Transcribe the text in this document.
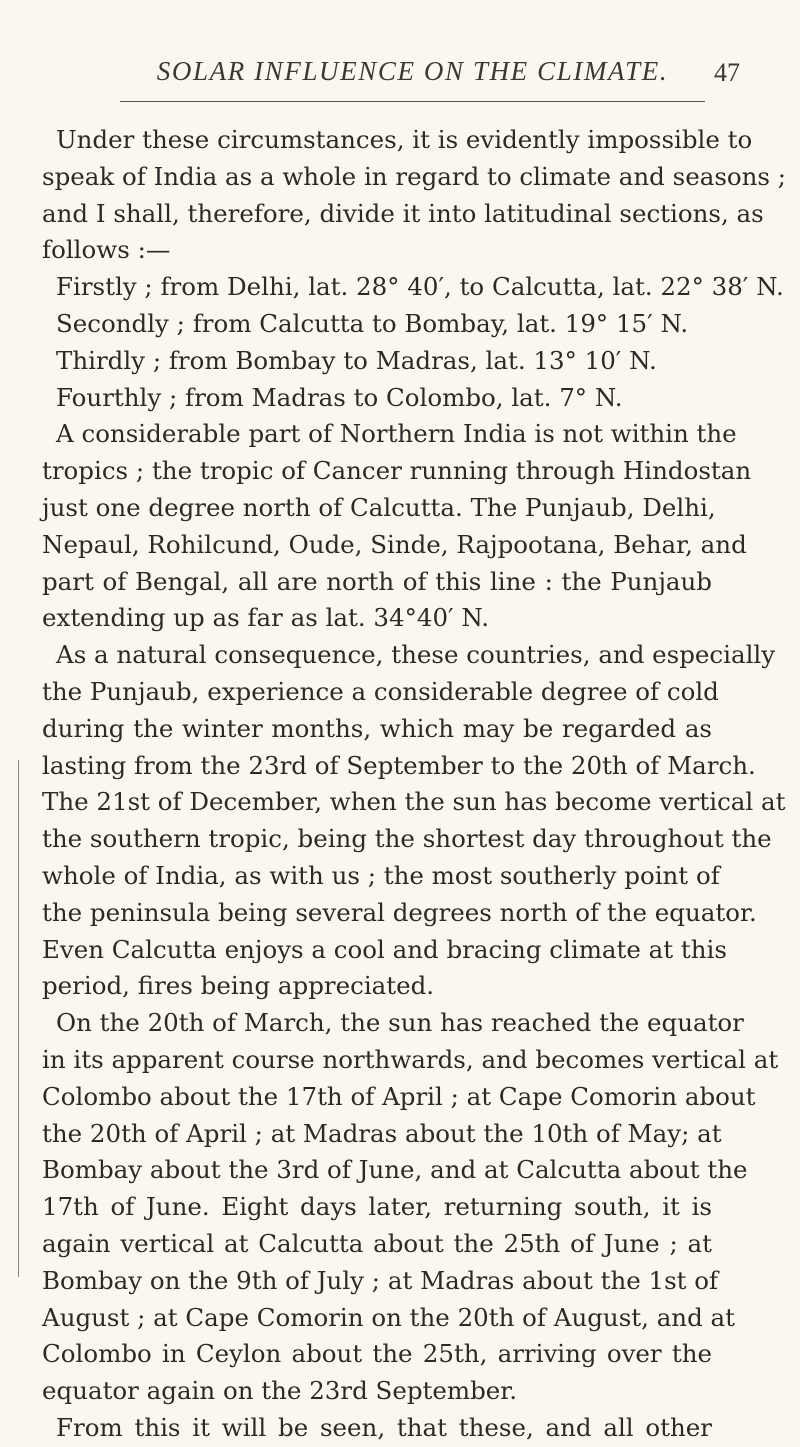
SOLAR INFLUENCE ON THE CLIMATE.	47
Under these circumstances, it is evidently impossible to
speak of India as a whole in regard to climate and seasons ;
and I shall, therefore, divide it into latitudinal sections, as
follows :—
Firstly ; from Delhi, lat. 28° 40′, to Calcutta, lat. 22° 38′ N.
Secondly ; from Calcutta to Bombay, lat. 19° 15′ N.
Thirdly ; from Bombay to Madras, lat. 13° 10′ N.
Fourthly ; from Madras to Colombo, lat. 7° N.
A considerable part of Northern India is not within the
tropics ; the tropic of Cancer running through Hindostan
just one degree north of Calcutta. The Punjaub, Delhi,
Nepaul, Rohilcund, Oude, Sinde, Rajpootana, Behar, and
part of Bengal, all are north of this line : the Punjaub
extending up as far as lat. 34°40′ N.
As a natural consequence, these countries, and especially
the Punjaub, experience a considerable degree of cold
during the winter months, which may be regarded as
lasting from the 23rd of September to the 20th of March.
The 21st of December, when the sun has become vertical at
the southern tropic, being the shortest day throughout the
whole of India, as with us ; the most southerly point of
the peninsula being several degrees north of the equator.
Even Calcutta enjoys a cool and bracing climate at this
period, fires being appreciated.
On the 20th of March, the sun has reached the equator
in its apparent course northwards, and becomes vertical at
Colombo about the 17th of April ; at Cape Comorin about
the 20th of April ; at Madras about the 10th of May; at
Bombay about the 3rd of June, and at Calcutta about the
17th of June. Eight days later, returning south, it is
again vertical at Calcutta about the 25th of June ; at
Bombay on the 9th of July ; at Madras about the 1st of
August ; at Cape Comorin on the 20th of August, and at
Colombo in Ceylon about the 25th, arriving over the
equator again on the 23rd September.
From this it will be seen, that these, and all other
